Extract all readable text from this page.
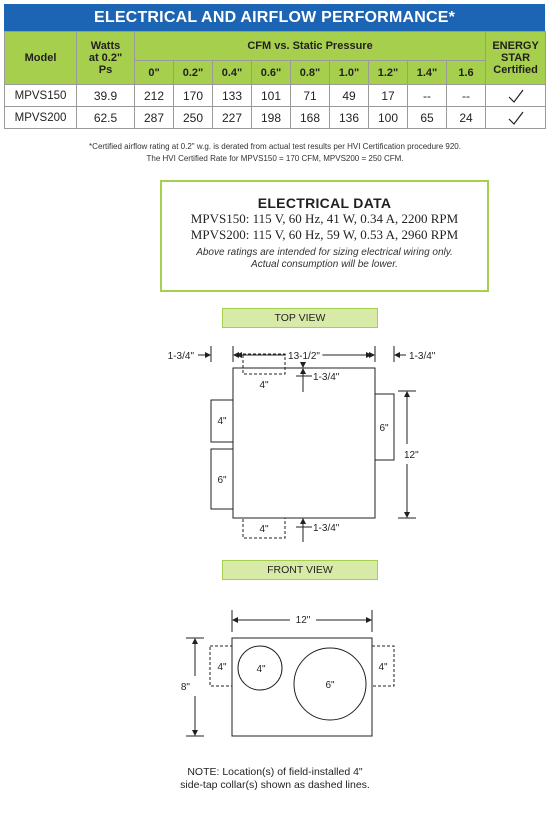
ELECTRICAL AND AIRFLOW PERFORMANCE*
Model	Watts
at 0.2"
Ps	CFM vs. Static Pressure									ENERGY
STAR
Certified
		0"	0.2"	0.4"	0.6"	0.8"	1.0"	1.2"	1.4"	1.6	
MPVS150	39.9	212	170	133	101	71	49	17	--	--	
MPVS200	62.5	287	250	227	198	168	136	100	65	24	
*Certified airflow rating at 0.2" w.g. is derated from actual test results per HVI Certification procedure 920.
The HVI Certified Rate for MPVS150 = 170 CFM, MPVS200 = 250 CFM.
ELECTRICAL DATA
MPVS150: 115 V, 60 Hz, 41 W, 0.34 A, 2200 RPM
MPVS200: 115 V, 60 Hz, 59 W, 0.53 A, 2960 RPM
Above ratings are intended for sizing electrical wiring only.
Actual consumption will be lower.
TOP VIEW
1-3/4"	13-1/2"	1-3/4"
4"
1-3/4"
4"
6"
6"
12"
4"	1-3/4"
FRONT VIEW
12"
8"
4"	4"
6"
4"
NOTE: Location(s) of field-installed 4"
side-tap collar(s) shown as dashed lines.
